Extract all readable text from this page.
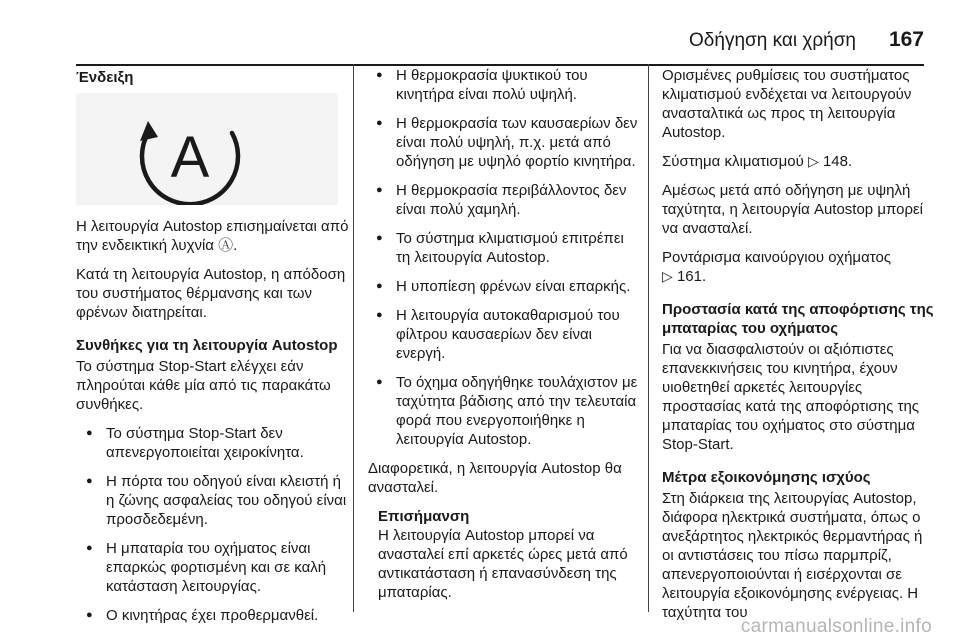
Οδήγηση και χρήση 167
Ένδειξη
A

Η λειτουργία Autostop επισημαίνεται από την ενδεικτική λυχνία Ⓐ.

Κατά τη λειτουργία Autostop, η απόδοση του συστήματος θέρμανσης και των φρένων διατηρείται.

Συνθήκες για τη λειτουργία Autostop

Το σύστημα Stop-Start ελέγχει εάν πληρούται κάθε μία από τις παρακάτω συνθήκες.

● Το σύστημα Stop-Start δεν απενεργοποιείται χειροκίνητα.
● Η πόρτα του οδηγού είναι κλειστή ή η ζώνης ασφαλείας του οδηγού είναι προσδεδεμένη.
● Η μπαταρία του οχήματος είναι επαρκώς φορτισμένη και σε καλή κατάσταση λειτουργίας.
● Ο κινητήρας έχει προθερμανθεί.
● Η θερμοκρασία ψυκτικού του κινητήρα είναι πολύ υψηλή.
● Η θερμοκρασία των καυσαερίων δεν είναι πολύ υψηλή, π.χ. μετά από οδήγηση με υψηλό φορτίο κινητήρα.
● Η θερμοκρασία περιβάλλοντος δεν είναι πολύ χαμηλή.
● Το σύστημα κλιματισμού επιτρέπει τη λειτουργία Autostop.
● Η υποπίεση φρένων είναι επαρκής.
● Η λειτουργία αυτοκαθαρισμού του φίλτρου καυσαερίων δεν είναι ενεργή.
● Το όχημα οδηγήθηκε τουλάχιστον με ταχύτητα βάδισης από την τελευταία φορά που ενεργοποιήθηκε η λειτουργία Autostop.

Διαφορετικά, η λειτουργία Autostop θα ανασταλεί.

Επισήμανση
Η λειτουργία Autostop μπορεί να ανασταλεί επί αρκετές ώρες μετά από αντικατάσταση ή επανασύνδεση της μπαταρίας.

Ορισμένες ρυθμίσεις του συστήματος κλιματισμού ενδέχεται να λειτουργούν ανασταλτικά ως προς τη λειτουργία Autostop.

Σύστημα κλιματισμού ▷ 148.

Αμέσως μετά από οδήγηση με υψηλή ταχύτητα, η λειτουργία Autostop μπορεί να ανασταλεί.

Ροντάρισμα καινούργιου οχήματος
▷ 161.

Προστασία κατά της αποφόρτισης της μπαταρίας του οχήματος

Για να διασφαλιστούν οι αξιόπιστες επανεκκινήσεις του κινητήρα, έχουν υιοθετηθεί αρκετές λειτουργίες προστασίας κατά της αποφόρτισης της μπαταρίας του οχήματος στο σύστημα Stop-Start.

Μέτρα εξοικονόμησης ισχύος

Στη διάρκεια της λειτουργίας Autostop, διάφορα ηλεκτρικά συστήματα, όπως ο ανεξάρτητος ηλεκτρικός θερμαντήρας ή οι αντιστάσεις του πίσω παρμπρίζ, απενεργοποιούνται ή εισέρχονται σε λειτουργία εξοικονόμησης ενέργειας. Η ταχύτητα του

carmanualsonline.info
